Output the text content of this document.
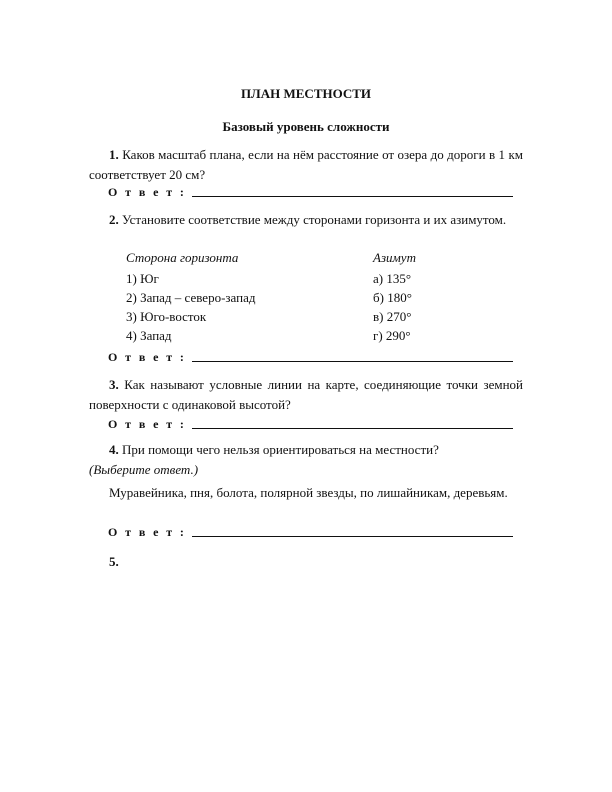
ПЛАН МЕСТНОСТИ
Базовый уровень сложности
1. Каков масштаб плана, если на нём расстояние от озера до дороги в 1 км соответствует 20 см?
О т в е т :
2. Установите соответствие между сторонами горизонта и их азимутом.
Сторона горизонта	Азимут
1) Юг	а) 135°
2) Запад – северо-запад	б) 180°
3) Юго-восток	в) 270°
4) Запад	г) 290°
О т в е т :
3. Как называют условные линии на карте, соединяющие точки земной поверхности с одинаковой высотой?
О т в е т :
4. При помощи чего нельзя ориентироваться на местности?
(Выберите ответ.)
Муравейника, пня, болота, полярной звезды, по лишайникам, деревьям.
О т в е т :
5.
